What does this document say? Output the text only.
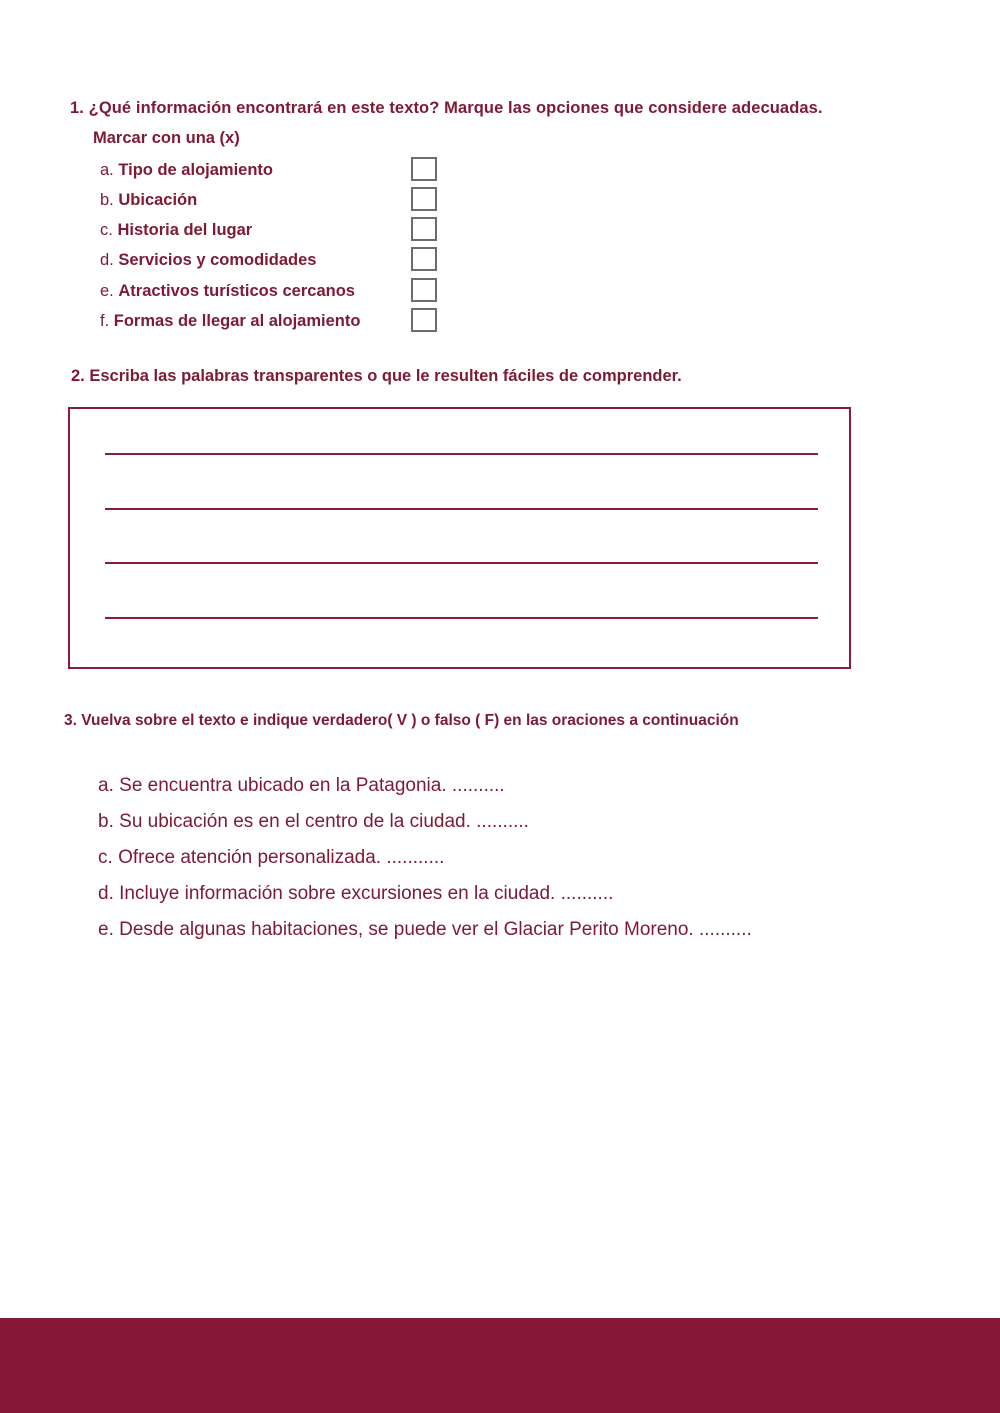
1. ¿Qué información encontrará en este texto? Marque las opciones que considere adecuadas.
Marcar con una (x)
a. Tipo de alojamiento
b. Ubicación
c. Historia del lugar
d. Servicios y comodidades
e. Atractivos turísticos cercanos
f. Formas de llegar al alojamiento
2. Escriba las palabras transparentes o que le resulten fáciles de comprender.
3. Vuelva sobre el texto e indique verdadero( V ) o falso ( F) en las oraciones a continuación
a. Se encuentra ubicado en la Patagonia. ..........
b. Su ubicación es en el centro de la ciudad. ..........
c. Ofrece atención personalizada. ...........
d. Incluye información sobre excursiones en la ciudad. ..........
e. Desde algunas habitaciones, se puede ver el Glaciar Perito Moreno. ..........
